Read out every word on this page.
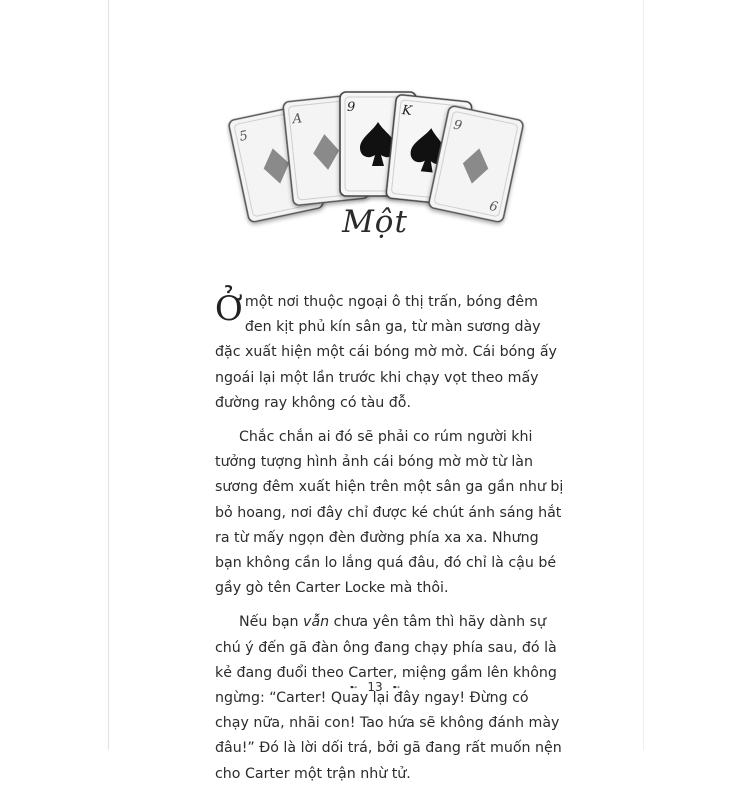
5
A
9	K
9
6
Một

Ở một nơi thuộc ngoại ô thị trấn, bóng đêm đen kịt phủ kín sân ga, từ màn sương dày đặc xuất hiện một cái bóng mờ mờ. Cái bóng ấy ngoái lại một lần trước khi chạy vọt theo mấy đường ray không có tàu đỗ.

Chắc chắn ai đó sẽ phải co rúm người khi tưởng tượng hình ảnh cái bóng mờ mờ từ làn sương đêm xuất hiện trên một sân ga gần như bị bỏ hoang, nơi đây chỉ được ké chút ánh sáng hắt ra từ mấy ngọn đèn đường phía xa xa. Nhưng bạn không cần lo lắng quá đâu, đó chỉ là cậu bé gầy gò tên Carter Locke mà thôi.

Nếu bạn vẫn chưa yên tâm thì hãy dành sự chú ý đến gã đàn ông đang chạy phía sau, đó là kẻ đang đuổi theo Carter, miệng gầm lên không ngừng: “Carter! Quay lại đây ngay! Đừng có chạy nữa, nhãi con! Tao hứa sẽ không đánh mày đâu!” Đó là lời dối trá, bởi gã đang rất muốn nện cho Carter một trận nhừ tử.

➸ 13 ➸
